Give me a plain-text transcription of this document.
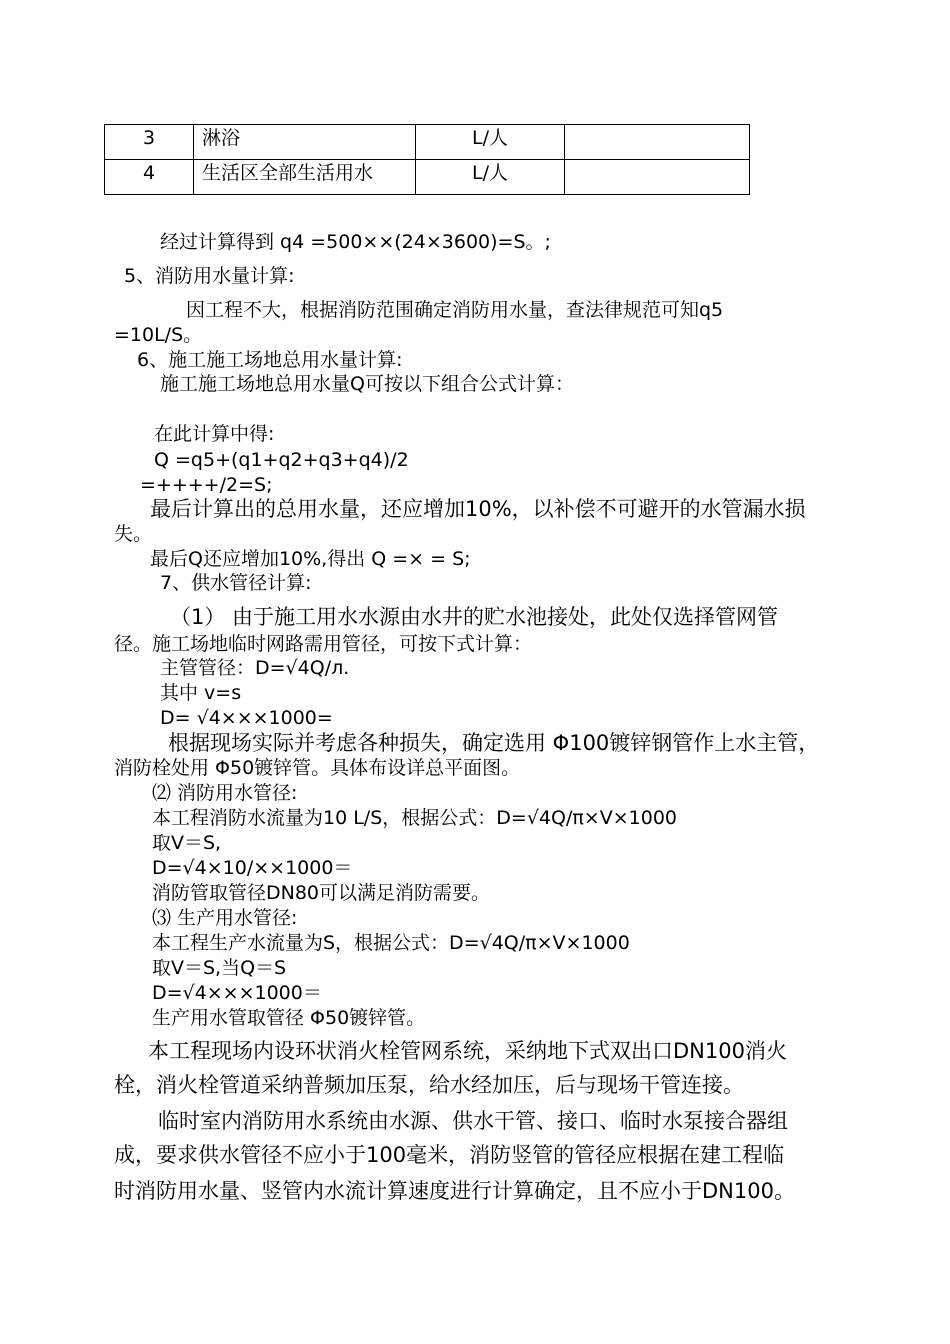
3	淋浴	L/人	
4	生活区全部生活用水	L/人	
经过计算得到 q4 =500××(24×3600)=S。;
5、消防用水量计算:
因工程不大，根据消防范围确定消防用水量，查法律规范可知q5
=10L/S。
6、施工施工场地总用水量计算:
施工施工场地总用水量Q可按以下组合公式计算：
在此计算中得:
Q =q5+(q1+q2+q3+q4)/2
=++++/2=S;
最后计算出的总用水量，还应增加10%，以补偿不可避开的水管漏水损
失。
最后Q还应增加10%,得出 Q =× = S;
7、供水管径计算:
（1） 由于施工用水水源由水井的贮水池接处，此处仅选择管网管
径。施工场地临时网路需用管径，可按下式计算：
主管管径：D=√4Q/л.
其中 v=s
D= √4×××1000=
根据现场实际并考虑各种损失，确定选用 Φ100镀锌钢管作上水主管，
消防栓处用 Φ50镀锌管。具体布设详总平面图。
⑵ 消防用水管径:
本工程消防水流量为10 L/S，根据公式：D=√4Q/π×V×1000
取V＝S,
D=√4×10/××1000＝
消防管取管径DN80可以满足消防需要。
⑶ 生产用水管径:
本工程生产水流量为S，根据公式：D=√4Q/π×V×1000
取V＝S,当Q＝S
D=√4×××1000＝
生产用水管取管径 Φ50镀锌管。
本工程现场内设环状消火栓管网系统，采纳地下式双出口DN100消火
栓，消火栓管道采纳普频加压泵，给水经加压，后与现场干管连接。
临时室内消防用水系统由水源、供水干管、接口、临时水泵接合器组
成，要求供水管径不应小于100毫米，消防竖管的管径应根据在建工程临
时消防用水量、竖管内水流计算速度进行计算确定，且不应小于DN100。
